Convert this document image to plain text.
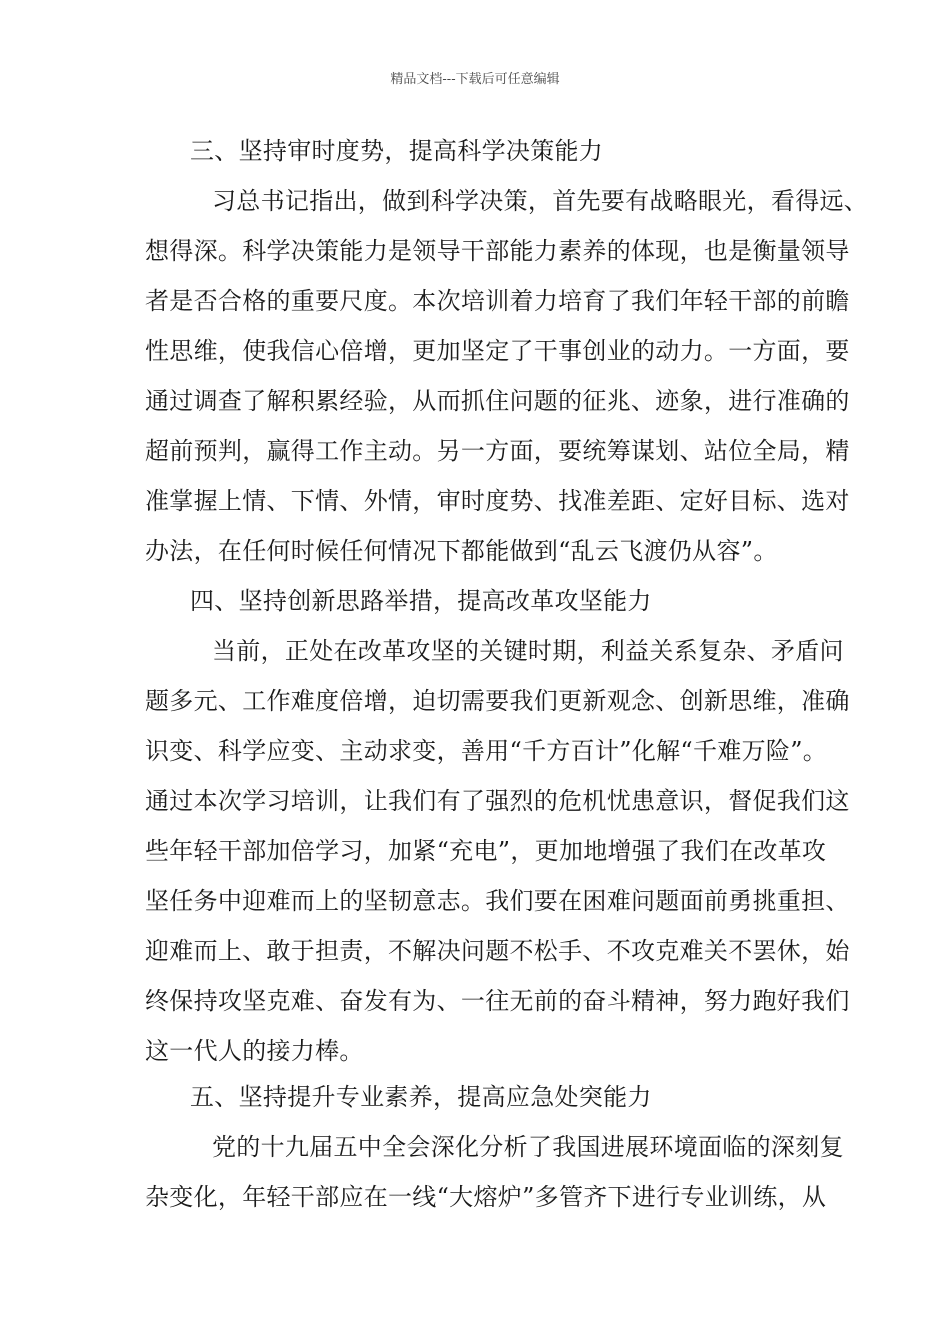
精品文档---下载后可任意编辑
三、坚持审时度势，提高科学决策能力
习总书记指出，做到科学决策，首先要有战略眼光，看得远、
想得深。科学决策能力是领导干部能力素养的体现，也是衡量领导
者是否合格的重要尺度。本次培训着力培育了我们年轻干部的前瞻
性思维，使我信心倍增，更加坚定了干事创业的动力。一方面，要
通过调查了解积累经验，从而抓住问题的征兆、迹象，进行准确的
超前预判，赢得工作主动。另一方面，要统筹谋划、站位全局，精
准掌握上情、下情、外情，审时度势、找准差距、定好目标、选对
办法，在任何时候任何情况下都能做到“乱云飞渡仍从容”。
四、坚持创新思路举措，提高改革攻坚能力
当前，正处在改革攻坚的关键时期，利益关系复杂、矛盾问
题多元、工作难度倍增，迫切需要我们更新观念、创新思维，准确
识变、科学应变、主动求变，善用“千方百计”化解“千难万险”。
通过本次学习培训，让我们有了强烈的危机忧患意识，督促我们这
些年轻干部加倍学习，加紧“充电”，更加地增强了我们在改革攻
坚任务中迎难而上的坚韧意志。我们要在困难问题面前勇挑重担、
迎难而上、敢于担责，不解决问题不松手、不攻克难关不罢休，始
终保持攻坚克难、奋发有为、一往无前的奋斗精神，努力跑好我们
这一代人的接力棒。
五、坚持提升专业素养，提高应急处突能力
党的十九届五中全会深化分析了我国进展环境面临的深刻复
杂变化，年轻干部应在一线“大熔炉”多管齐下进行专业训练，从
